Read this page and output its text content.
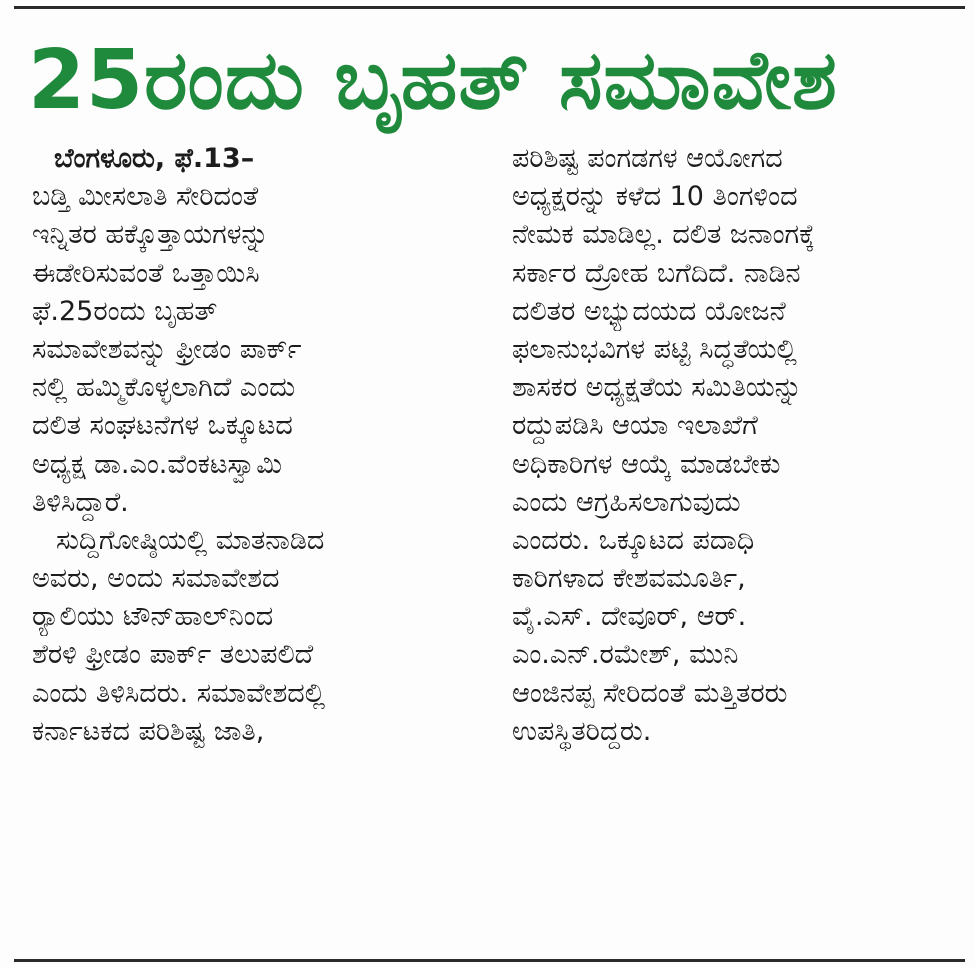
25ರಂದು ಬೃಹತ್ ಸಮಾವೇಶ
ಬೆಂಗಳೂರು, ಫೆ.13–
ಬಡ್ತಿ ಮೀಸಲಾತಿ ಸೇರಿದಂತೆ
ಇನ್ನಿತರ ಹಕ್ಕೊತ್ತಾಯಗಳನ್ನು
ಈಡೇರಿಸುವಂತೆ ಒತ್ತಾಯಿಸಿ
ಫೆ.25ರಂದು ಬೃಹತ್
ಸಮಾವೇಶವನ್ನು ಫ್ರೀಡಂ ಪಾರ್ಕ್‌
ನಲ್ಲಿ ಹಮ್ಮಿಕೊಳ್ಳಲಾಗಿದೆ ಎಂದು
ದಲಿತ ಸಂಘಟನೆಗಳ ಒಕ್ಕೂಟದ
ಅಧ್ಯಕ್ಷ ಡಾ.ಎಂ.ವೆಂಕಟಸ್ವಾಮಿ
ತಿಳಿಸಿದ್ದಾರೆ.
ಸುದ್ದಿಗೋಷ್ಠಿಯಲ್ಲಿ ಮಾತನಾಡಿದ
ಅವರು, ಅಂದು ಸಮಾವೇಶದ
ರ‍್ಯಾಲಿಯು ಟೌನ್‌ಹಾಲ್‌ನಿಂದ
ಶೆರಳಿ ಫ್ರೀಡಂ ಪಾರ್ಕ್ ತಲುಪಲಿದೆ
ಎಂದು ತಿಳಿಸಿದರು. ಸಮಾವೇಶದಲ್ಲಿ
ಕರ್ನಾಟಕದ ಪರಿಶಿಷ್ಟ ಜಾತಿ,
ಪರಿಶಿಷ್ಟ ಪಂಗಡಗಳ ಆಯೋಗದ
ಅಧ್ಯಕ್ಷರನ್ನು ಕಳೆದ 10 ತಿಂಗಳಿಂದ
ನೇಮಕ ಮಾಡಿಲ್ಲ. ದಲಿತ ಜನಾಂಗಕ್ಕೆ
ಸರ್ಕಾರ ದ್ರೋಹ ಬಗೆದಿದೆ. ನಾಡಿನ
ದಲಿತರ ಅಭ್ಯುದಯದ ಯೋಜನೆ
ಫಲಾನುಭವಿಗಳ ಪಟ್ಟಿ ಸಿದ್ಧತೆಯಲ್ಲಿ
ಶಾಸಕರ ಅಧ್ಯಕ್ಷತೆಯ ಸಮಿತಿಯನ್ನು
ರದ್ದುಪಡಿಸಿ ಆಯಾ ಇಲಾಖೆಗೆ
ಅಧಿಕಾರಿಗಳ ಆಯ್ಕೆ ಮಾಡಬೇಕು
ಎಂದು ಆಗ್ರಹಿಸಲಾಗುವುದು
ಎಂದರು. ಒಕ್ಕೂಟದ ಪದಾಧಿ
ಕಾರಿಗಳಾದ ಕೇಶವಮೂರ್ತಿ,
ವೈ.ಎಸ್. ದೇವೂರ್, ಆರ್.
ಎಂ.ಎನ್.ರಮೇಶ್, ಮುನಿ
ಆಂಜಿನಪ್ಪ ಸೇರಿದಂತೆ ಮತ್ತಿತರರು
ಉಪಸ್ಥಿತರಿದ್ದರು.
